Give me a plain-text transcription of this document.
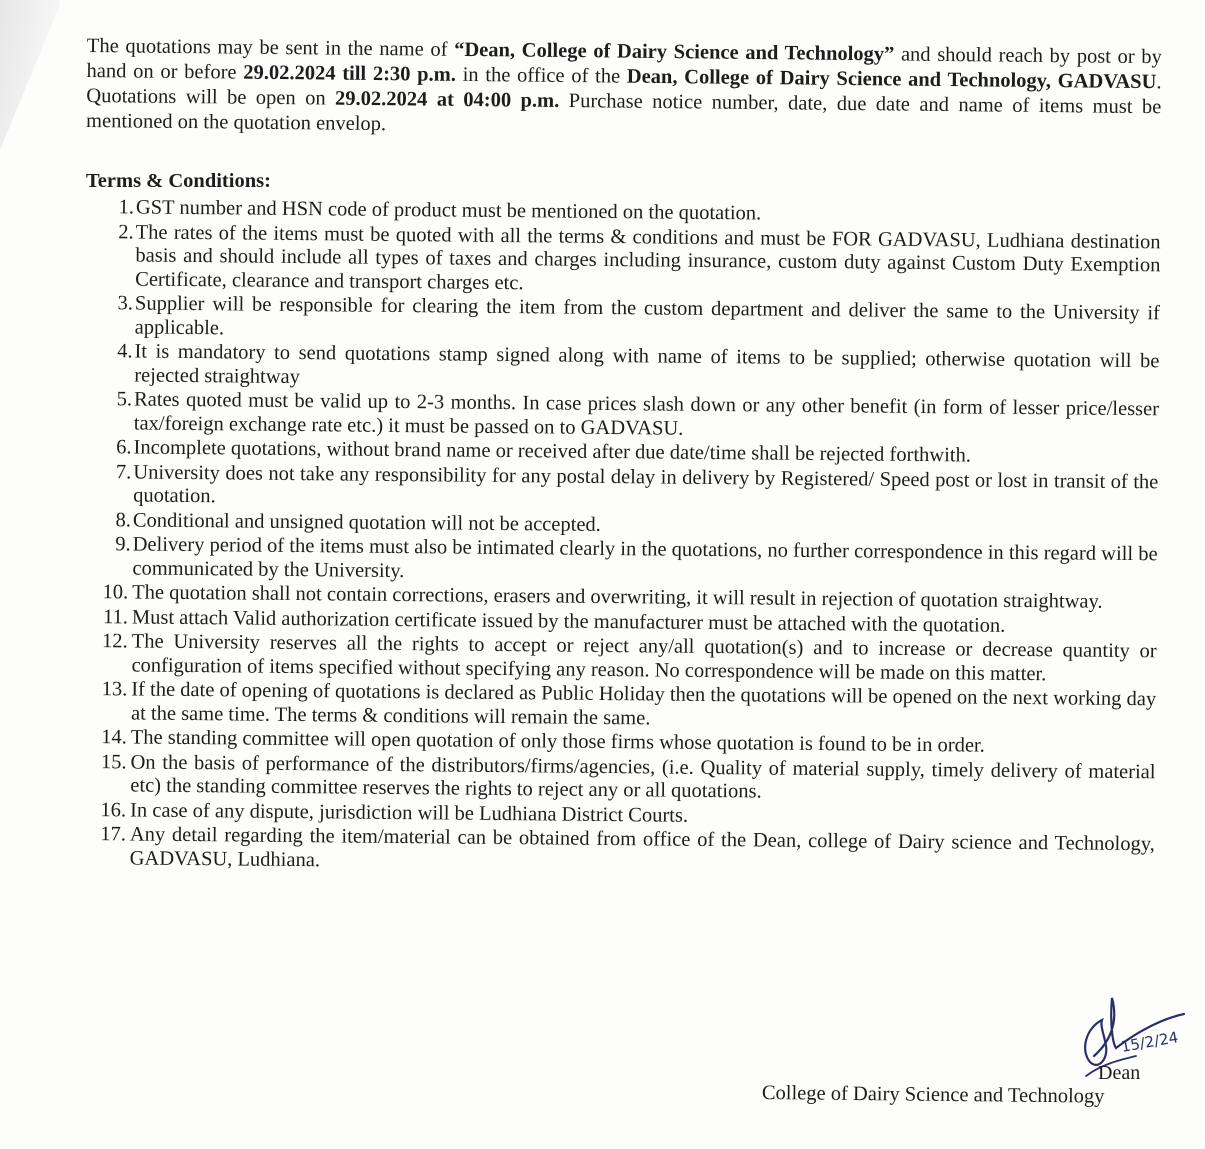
The quotations may be sent in the name of “Dean, College of Dairy Science and Technology” and should reach by post or by hand on or before 29.02.2024 till 2:30 p.m. in the office of the Dean, College of Dairy Science and Technology, GADVASU. Quotations will be open on 29.02.2024 at 04:00 p.m. Purchase notice number, date, due date and name of items must be mentioned on the quotation envelop.

Terms & Conditions:
1. GST number and HSN code of product must be mentioned on the quotation.
2. The rates of the items must be quoted with all the terms & conditions and must be FOR GADVASU, Ludhiana destination basis and should include all types of taxes and charges including insurance, custom duty against Custom Duty Exemption Certificate, clearance and transport charges etc.
3. Supplier will be responsible for clearing the item from the custom department and deliver the same to the University if applicable.
4. It is mandatory to send quotations stamp signed along with name of items to be supplied; otherwise quotation will be rejected straightway
5. Rates quoted must be valid up to 2-3 months. In case prices slash down or any other benefit (in form of lesser price/lesser tax/foreign exchange rate etc.) it must be passed on to GADVASU.
6. Incomplete quotations, without brand name or received after due date/time shall be rejected forthwith.
7. University does not take any responsibility for any postal delay in delivery by Registered/ Speed post or lost in transit of the quotation.
8. Conditional and unsigned quotation will not be accepted.
9. Delivery period of the items must also be intimated clearly in the quotations, no further correspondence in this regard will be communicated by the University.
10. The quotation shall not contain corrections, erasers and overwriting, it will result in rejection of quotation straightway.
11. Must attach Valid authorization certificate issued by the manufacturer must be attached with the quotation.
12. The University reserves all the rights to accept or reject any/all quotation(s) and to increase or decrease quantity or configuration of items specified without specifying any reason. No correspondence will be made on this matter.
13. If the date of opening of quotations is declared as Public Holiday then the quotations will be opened on the next working day at the same time. The terms & conditions will remain the same.
14. The standing committee will open quotation of only those firms whose quotation is found to be in order.
15. On the basis of performance of the distributors/firms/agencies, (i.e. Quality of material supply, timely delivery of material etc) the standing committee reserves the rights to reject any or all quotations.
16. In case of any dispute, jurisdiction will be Ludhiana District Courts.
17. Any detail regarding the item/material can be obtained from office of the Dean, college of Dairy science and Technology, GADVASU, Ludhiana.
15/2/24
Dean
College of Dairy Science and Technology
